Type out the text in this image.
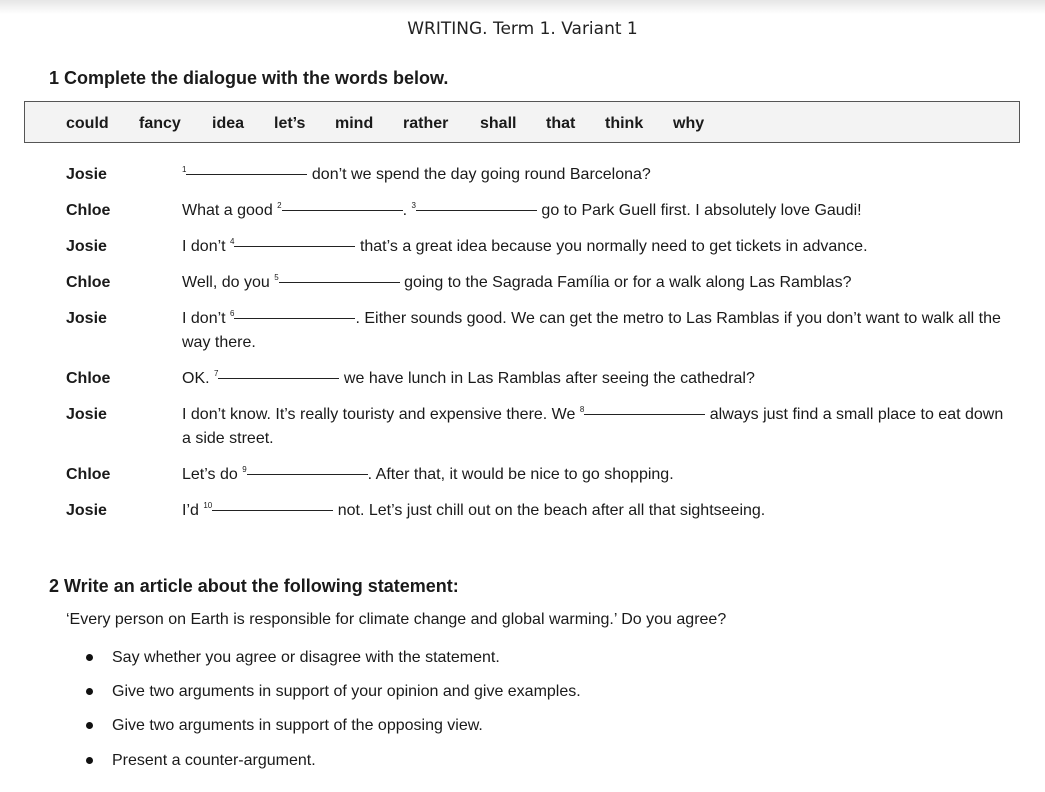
WRITING. Term 1. Variant 1
1 Complete the dialogue with the words below.
could fancy idea let’s mind rather shall that think why
Josie	$^1$	don’t we spend the day going round Barcelona?
Chloe	What a good $^2$	. $^3$	go to Park Guell first. I absolutely love Gaudi!
Josie	I don’t $^4$	that’s a great idea because you normally need to get tickets in advance.
Chloe	Well, do you $^5$	going to the Sagrada Família or for a walk along Las Ramblas?
Josie	I don’t $^6$	. Either sounds good. We can get the metro to Las Ramblas if you don’t want to walk all the way there.
Chloe	OK. $^7$	we have lunch in Las Ramblas after seeing the cathedral?
Josie	I don’t know. It’s really touristy and expensive there. We $^8$	always just find a small place to eat down a side street.
Chloe	Let’s do $^9$	. After that, it would be nice to go shopping.
Josie	I’d $^{10}$	not. Let’s just chill out on the beach after all that sightseeing.
2 Write an article about the following statement:
‘Every person on Earth is responsible for climate change and global warming.’ Do you agree?
Say whether you agree or disagree with the statement.
Give two arguments in support of your opinion and give examples.
Give two arguments in support of the opposing view.
Present a counter-argument.
